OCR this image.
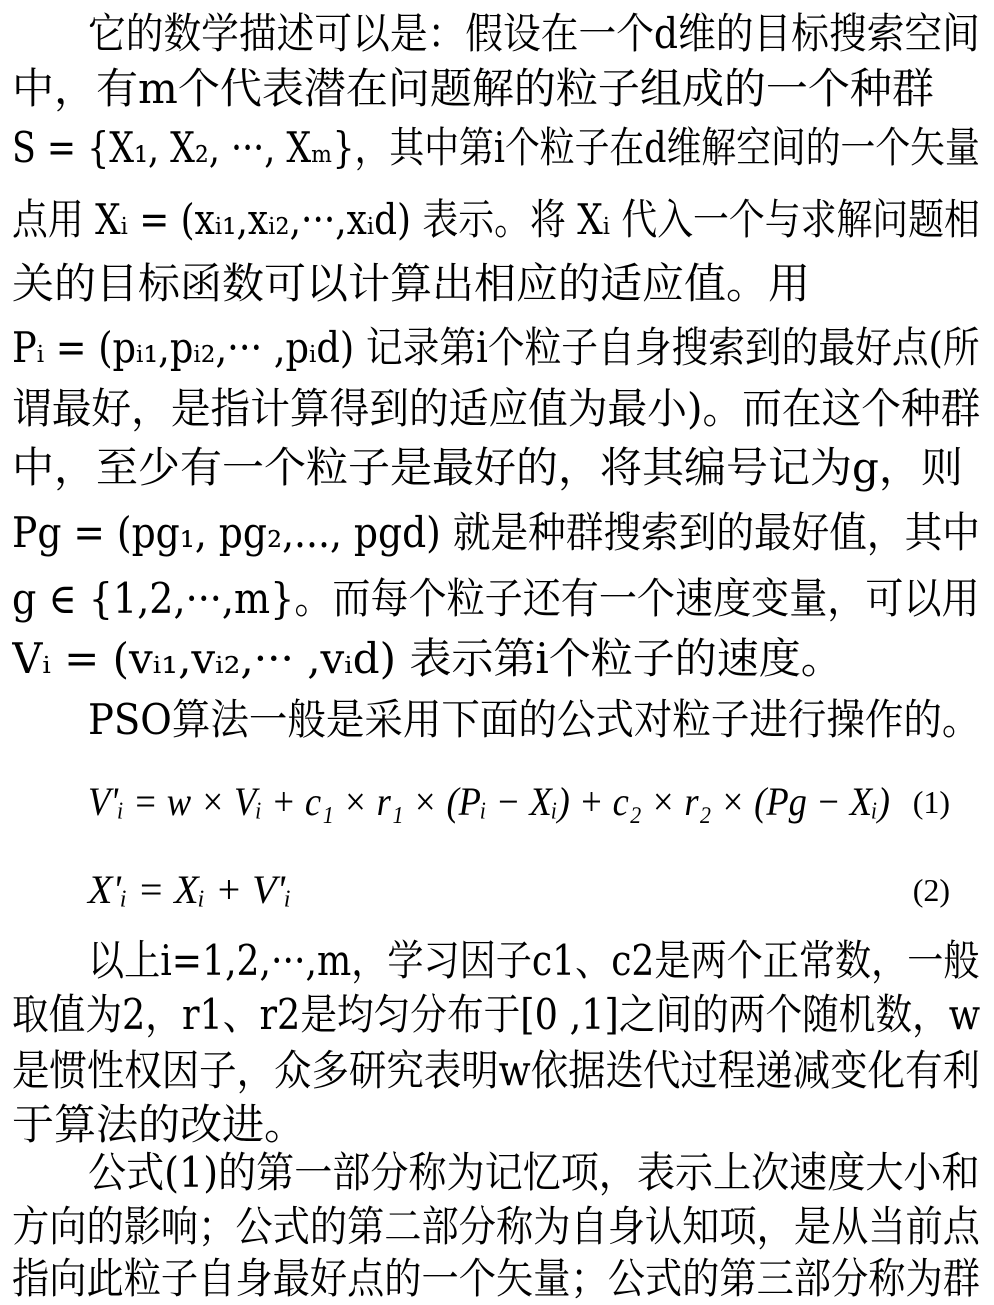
它的数学描述可以是：假设在一个d维的目标搜索空间
中，有m个代表潜在问题解的粒子组成的一个种群
S = {X₁, X₂, ···, Xₘ}，其中第i个粒子在d维解空间的一个矢量
点用 Xᵢ = (xᵢ₁,xᵢ₂,···,xᵢd) 表示。将 Xᵢ 代入一个与求解问题相
关的目标函数可以计算出相应的适应值。用
Pᵢ = (pᵢ₁,pᵢ₂,··· ,pᵢd) 记录第i个粒子自身搜索到的最好点(所
谓最好，是指计算得到的适应值为最小)。而在这个种群
中，至少有一个粒子是最好的，将其编号记为g，则
Pg = (pg₁, pg₂,..., pgd) 就是种群搜索到的最好值，其中
g ∈ {1,2,···,m}。而每个粒子还有一个速度变量，可以用
Vᵢ = (vᵢ₁,vᵢ₂,··· ,vᵢd) 表示第i个粒子的速度。
PSO算法一般是采用下面的公式对粒子进行操作的。
V'ᵢ = w × Vᵢ + c₁ × r₁ × (Pᵢ − Xᵢ) + c₂ × r₂ × (Pg − Xᵢ) (1)
X'ᵢ = Xᵢ + V'ᵢ	(2)
以上i=1,2,···,m，学习因子c1、c2是两个正常数，一般
取值为2，r1、r2是均匀分布于[0 ,1]之间的两个随机数，w
是惯性权因子，众多研究表明w依据迭代过程递减变化有利
于算法的改进。
公式(1)的第一部分称为记忆项，表示上次速度大小和
方向的影响；公式的第二部分称为自身认知项，是从当前点
指向此粒子自身最好点的一个矢量；公式的第三部分称为群
